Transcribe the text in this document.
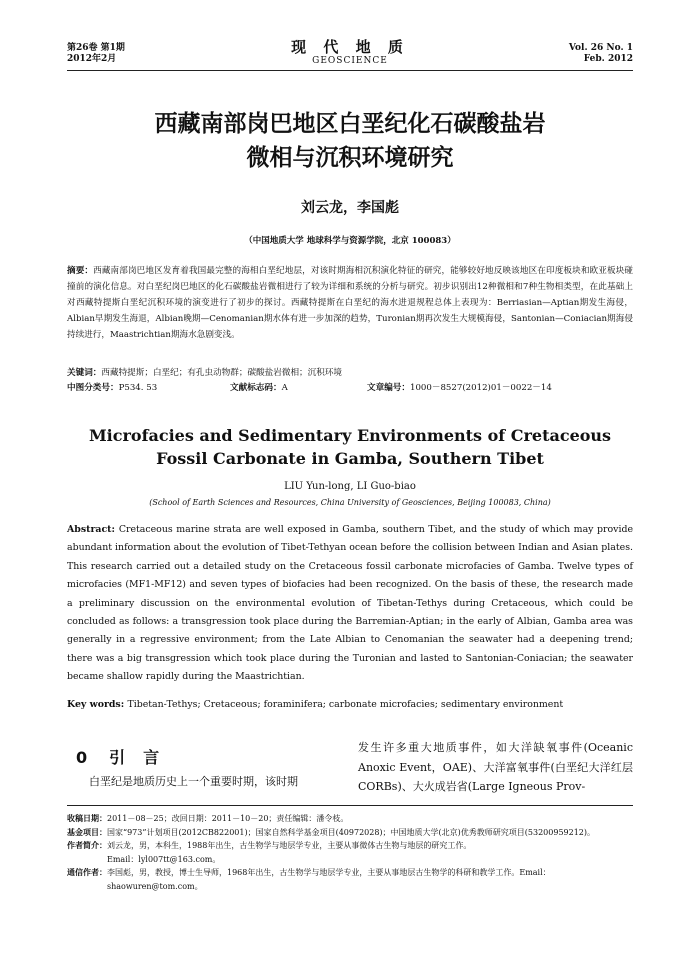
第26卷 第1期
2012年2月
现 代 地 质
GEOSCIENCE
Vol. 26 No. 1
Feb. 2012
西藏南部岗巴地区白垩纪化石碳酸盐岩
微相与沉积环境研究
刘云龙，李国彪
（中国地质大学 地球科学与资源学院，北京 100083）
摘要：西藏南部岗巴地区发育着我国最完整的海相白垩纪地层，对该时期海相沉积演化特征的研究，能够较好地反映该地区在印度板块和欧亚板块碰撞前的演化信息。对白垩纪岗巴地区的化石碳酸盐岩微相进行了较为详细和系统的分析与研究。初步识别出12种微相和7种生物相类型，在此基础上对西藏特提斯白垩纪沉积环境的演变进行了初步的探讨。西藏特提斯在白垩纪的海水进退规程总体上表现为：Berriasian—Aptian期发生海侵，Albian早期发生海退，Albian晚期—Cenomanian期水体有进一步加深的趋势，Turonian期再次发生大规模海侵，Santonian—Coniacian期海侵持续进行，Maastrichtian期海水急剧变浅。
关键词：西藏特提斯；白垩纪；有孔虫动物群；碳酸盐岩微相；沉积环境
中图分类号：P534. 53	文献标志码：A	文章编号：1000－8527(2012)01－0022－14
Microfacies and Sedimentary Environments of Cretaceous
Fossil Carbonate in Gamba, Southern Tibet
LIU Yun-long, LI Guo-biao
(School of Earth Sciences and Resources, China University of Geosciences, Beijing 100083, China)
Abstract: Cretaceous marine strata are well exposed in Gamba, southern Tibet, and the study of which may provide abundant information about the evolution of Tibet-Tethyan ocean before the collision between Indian and Asian plates. This research carried out a detailed study on the Cretaceous fossil carbonate microfacies of Gamba. Twelve types of microfacies (MF1-MF12) and seven types of biofacies had been recognized. On the basis of these, the research made a preliminary discussion on the environmental evolution of Tibetan-Tethys during Cretaceous, which could be concluded as follows: a transgression took place during the Barremian-Aptian; in the early of Albian, Gamba area was generally in a regressive environment; from the Late Albian to Cenomanian the seawater had a deepening trend; there was a big transgression which took place during the Turonian and lasted to Santonian-Coniacian; the seawater became shallow rapidly during the Maastrichtian.
Key words: Tibetan-Tethys; Cretaceous; foraminifera; carbonate microfacies; sedimentary environment
0 引 言
白垩纪是地质历史上一个重要时期，该时期
发生许多重大地质事件，如大洋缺氧事件(Oceanic Anoxic Event，OAE)、大洋富氧事件(白垩纪大洋红层 CORBs)、大火成岩省(Large Igneous Prov-
收稿日期： 2011－08－25；改回日期：2011－10－20；责任编辑：潘令枝。
基金项目： 国家“973”计划项目(2012CB822001)；国家自然科学基金项目(40972028)；中国地质大学(北京)优秀教师研究项目(53200959212)。
作者简介： 刘云龙，男，本科生，1988年出生，古生物学与地层学专业，主要从事微体古生物与地层的研究工作。
Email：lyl007tt@163.com。
通信作者： 李国彪，男，教授，博士生导师，1968年出生，古生物学与地层学专业，主要从事地层古生物学的科研和教学工作。Email：shaowuren@tom.com。
